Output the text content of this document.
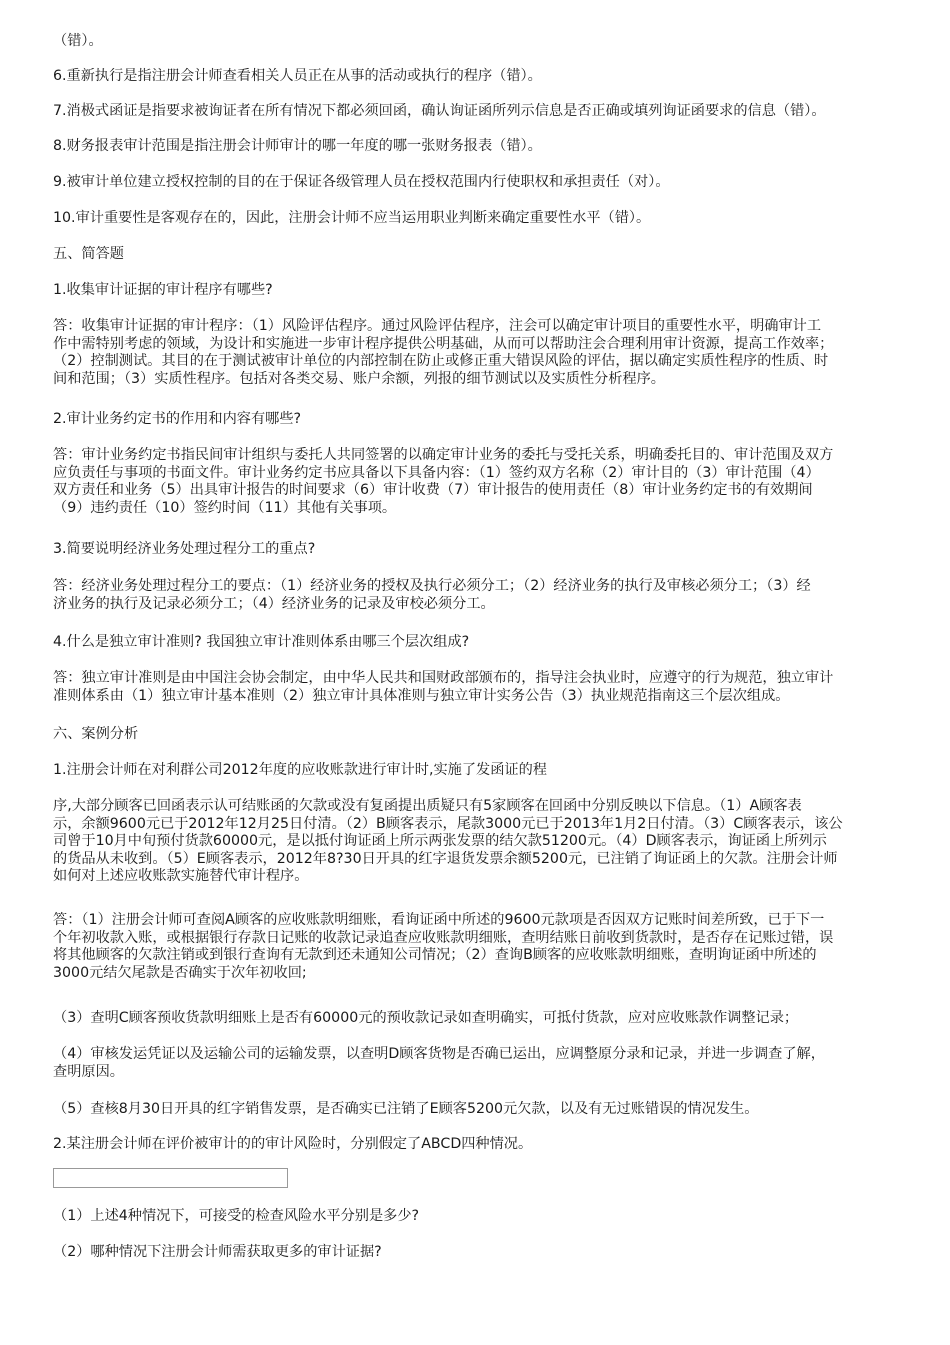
（错）。

6.重新执行是指注册会计师查看相关人员正在从事的活动或执行的程序（错）。

7.消极式函证是指要求被询证者在所有情况下都必须回函，确认询证函所列示信息是否正确或填列询证函要求的信息（错）。

8.财务报表审计范围是指注册会计师审计的哪一年度的哪一张财务报表（错）。

9.被审计单位建立授权控制的目的在于保证各级管理人员在授权范围内行使职权和承担责任（对）。

10.审计重要性是客观存在的，因此，注册会计师不应当运用职业判断来确定重要性水平（错）。

五、简答题

1.收集审计证据的审计程序有哪些?

答：收集审计证据的审计程序：（1）风险评估程序。通过风险评估程序，注会可以确定审计项目的重要性水平，明确审计工
作中需特别考虑的领域，为设计和实施进一步审计程序提供公明基础，从而可以帮助注会合理利用审计资源，提高工作效率；
（2）控制测试。其目的在于测试被审计单位的内部控制在防止或修正重大错误风险的评估，据以确定实质性程序的性质、时
间和范围；（3）实质性程序。包括对各类交易、账户余额，列报的细节测试以及实质性分析程序。

2.审计业务约定书的作用和内容有哪些?

答：审计业务约定书指民间审计组织与委托人共同签署的以确定审计业务的委托与受托关系，明确委托目的、审计范围及双方
应负责任与事项的书面文件。审计业务约定书应具备以下具备内容：（1）签约双方名称（2）审计目的（3）审计范围（4）
双方责任和业务（5）出具审计报告的时间要求（6）审计收费（7）审计报告的使用责任（8）审计业务约定书的有效期间
（9）违约责任（10）签约时间（11）其他有关事项。

3.简要说明经济业务处理过程分工的重点?

答：经济业务处理过程分工的要点：（1）经济业务的授权及执行必须分工；（2）经济业务的执行及审核必须分工；（3）经
济业务的执行及记录必须分工；（4）经济业务的记录及审校必须分工。

4.什么是独立审计准则? 我国独立审计准则体系由哪三个层次组成?

答：独立审计准则是由中国注会协会制定，由中华人民共和国财政部颁布的，指导注会执业时，应遵守的行为规范，独立审计
准则体系由（1）独立审计基本准则（2）独立审计具体准则与独立审计实务公告（3）执业规范指南这三个层次组成。

六、案例分析

1.注册会计师在对利群公司2012年度的应收账款进行审计时,实施了发函证的程

序,大部分顾客已回函表示认可结账函的欠款或没有复函提出质疑只有5家顾客在回函中分别反映以下信息。（1）A顾客表
示，余额9600元已于2012年12月25日付清。（2）B顾客表示，尾款3000元已于2013年1月2日付清。（3）C顾客表示，该公
司曾于10月中旬预付货款60000元，是以抵付询证函上所示两张发票的结欠款51200元。（4）D顾客表示，询证函上所列示
的货品从未收到。（5）E顾客表示，2012年8?30日开具的红字退货发票余额5200元，已注销了询证函上的欠款。注册会计师
如何对上述应收账款实施替代审计程序。

答：（1）注册会计师可查阅A顾客的应收账款明细账，看询证函中所述的9600元款项是否因双方记账时间差所致，已于下一
个年初收款入账，或根据银行存款日记账的收款记录追查应收账款明细账，查明结账日前收到货款时，是否存在记账过错，误
将其他顾客的欠款注销或到银行查询有无款到还未通知公司情况；（2）查询B顾客的应收账款明细账，查明询证函中所述的
3000元结欠尾款是否确实于次年初收回;

（3）查明C顾客预收货款明细账上是否有60000元的预收款记录如查明确实，可抵付货款，应对应收账款作调整记录；

（4）审核发运凭证以及运输公司的运输发票，以查明D顾客货物是否确已运出，应调整原分录和记录，并进一步调查了解，
查明原因。

（5）查核8月30日开具的红字销售发票，是否确实已注销了E顾客5200元欠款，以及有无过账错误的情况发生。

2.某注册会计师在评价被审计的的审计风险时，分别假定了ABCD四种情况。

（1）上述4种情况下，可接受的检查风险水平分别是多少?

（2）哪种情况下注册会计师需获取更多的审计证据?
